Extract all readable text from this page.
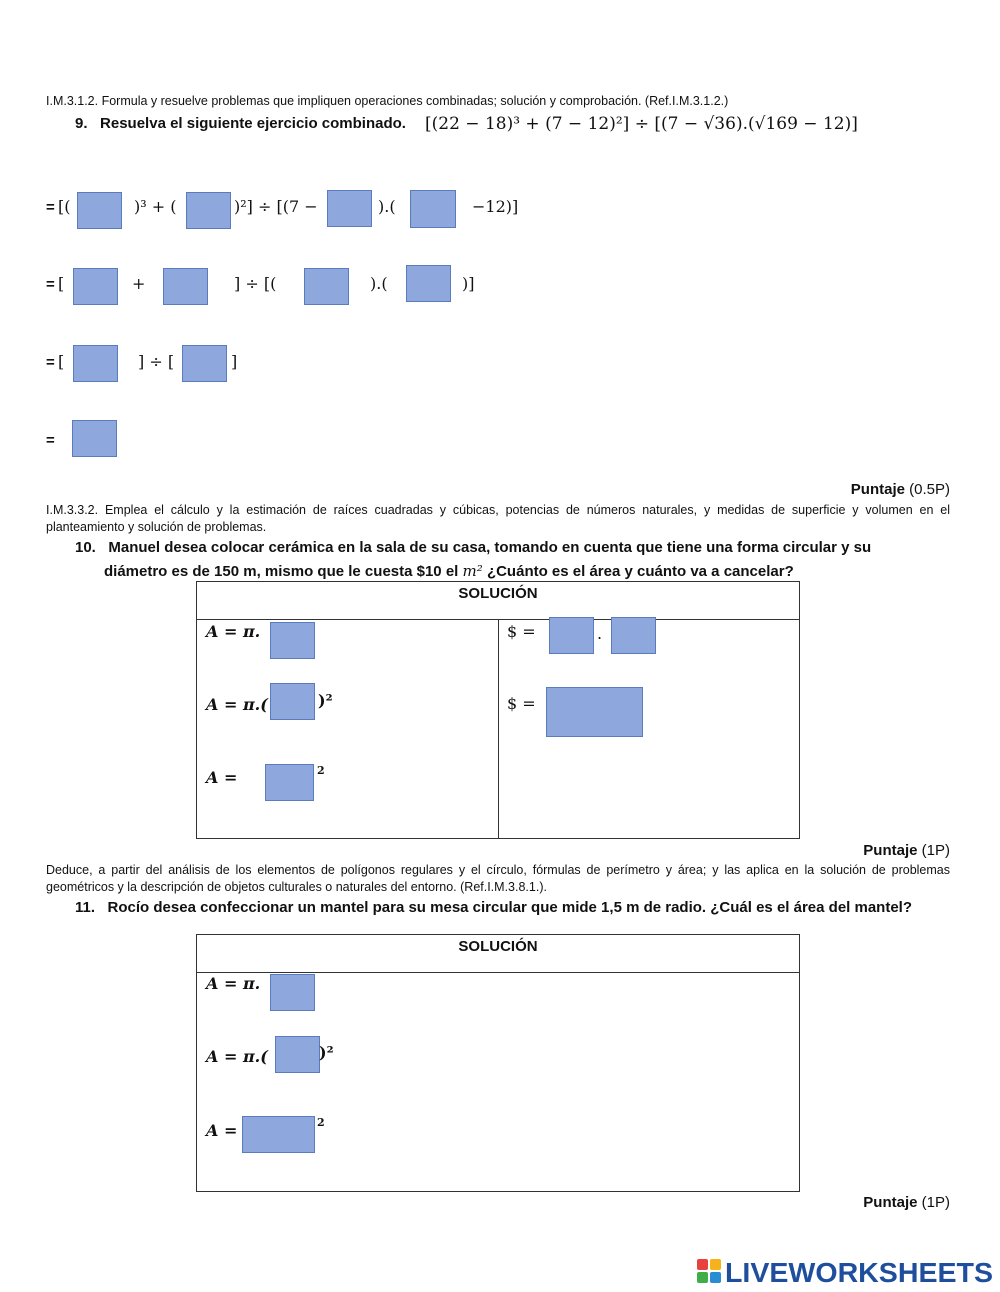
I.M.3.1.2. Formula y resuelve problemas que impliquen operaciones combinadas; solución y comprobación. (Ref.I.M.3.1.2.)
9. Resuelva el siguiente ejercicio combinado. [(22 − 18)³ + (7 − 12)²] ÷ [(7 − √36).(√169 − 12)]
= [(	)³ + (	)²] ÷ [(7 −	).(	−12)]
= [	+	] ÷ [(	).(	)]
= [	] ÷ [	]
=
Puntaje (0.5P)
I.M.3.3.2. Emplea el cálculo y la estimación de raíces cuadradas y cúbicas, potencias de números naturales, y medidas de superficie y volumen en el planteamiento y solución de problemas.
10. Manuel desea colocar cerámica en la sala de su casa, tomando en cuenta que tiene una forma circular y su
diámetro es de 150 m, mismo que le cuesta $10 el m² ¿Cuánto es el área y cuánto va a cancelar?
SOLUCIÓN
A = π.
A = π.(	)²
A =	2
$ =	.
$ =
Puntaje (1P)
Deduce, a partir del análisis de los elementos de polígonos regulares y el círculo, fórmulas de perímetro y área; y las aplica en la solución de problemas geométricos y la descripción de objetos culturales o naturales del entorno. (Ref.I.M.3.8.1.).
11. Rocío desea confeccionar un mantel para su mesa circular que mide 1,5 m de radio. ¿Cuál es el área del mantel?
SOLUCIÓN
A = π.
A = π.(	)²
A =	2
Puntaje (1P)
LIVEWORKSHEETS
